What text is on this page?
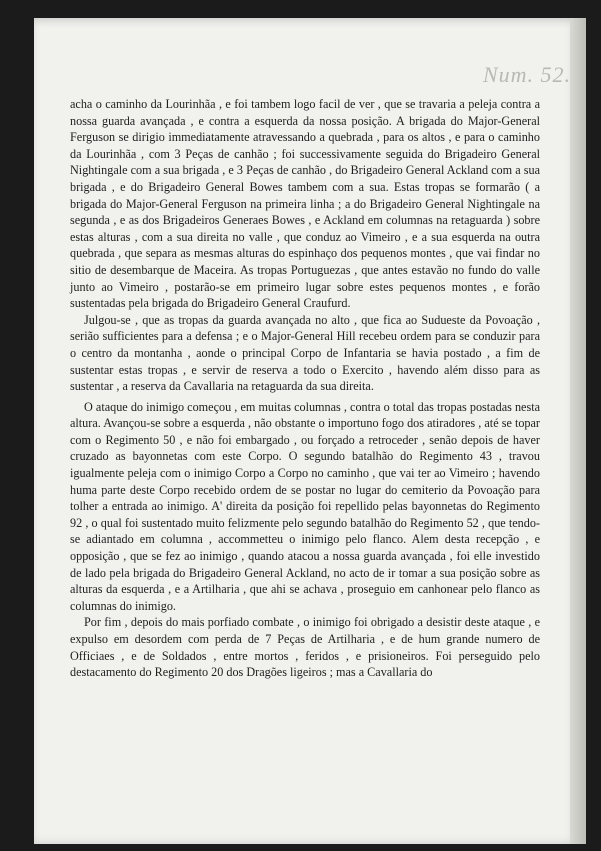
Num. 52.

acha o caminho da Lourinhãa , e foi tambem logo facil de ver , que se travaria a peleja contra a nossa guarda avançada , e contra a esquerda da nossa posição. A brigada do Major-General Ferguson se dirigio immediatamente atravessando a quebrada , para os altos , e para o caminho da Lourinhãa , com 3 Peças de canhão ; foi successivamente seguida do Brigadeiro General Nightingale com a sua brigada , e 3 Peças de canhão , do Brigadeiro General Ackland com a sua brigada , e do Brigadeiro General Bowes tambem com a sua. Estas tropas se formarão ( a brigada do Major-General Ferguson na primeira linha ; a do Brigadeiro General Nightingale na segunda , e as dos Brigadeiros Generaes Bowes , e Ackland em columnas na retaguarda ) sobre estas alturas , com a sua direita no valle , que conduz ao Vimeiro , e a sua esquerda na outra quebrada , que separa as mesmas alturas do espinhaço dos pequenos montes , que vai findar no sitio de desembarque de Maceira. As tropas Portuguezas , que antes estavão no fundo do valle junto ao Vimeiro , postarão-se em primeiro lugar sobre estes pequenos montes , e forão sustentadas pela brigada do Brigadeiro General Craufurd.

Julgou-se , que as tropas da guarda avançada no alto , que fica ao Sudueste da Povoação , serião sufficientes para a defensa ; e o Major-General Hill recebeu ordem para se conduzir para o centro da montanha , aonde o principal Corpo de Infantaria se havia postado , a fim de sustentar estas tropas , e servir de reserva a todo o Exercito , havendo além disso para as sustentar , a reserva da Cavallaria na retaguarda da sua direita.

O ataque do inimigo começou , em muitas columnas , contra o total das tropas postadas nesta altura. Avançou-se sobre a esquerda , não obstante o importuno fogo dos atiradores , até se topar com o Regimento 50 , e não foi embargado , ou forçado a retroceder , senão depois de haver cruzado as bayonnetas com este Corpo. O segundo batalhão do Regimento 43 , travou igualmente peleja com o inimigo Corpo a Corpo no caminho , que vai ter ao Vimeiro ; havendo huma parte deste Corpo recebido ordem de se postar no lugar do cemiterio da Povoação para tolher a entrada ao inimigo. A' direita da posição foi repellido pelas bayonnetas do Regimento 92 , o qual foi sustentado muito felizmente pelo segundo batalhão do Regimento 52 , que tendo-se adiantado em columna , accommetteu o inimigo pelo flanco. Alem desta recepção , e opposição , que se fez ao inimigo , quando atacou a nossa guarda avançada , foi elle investido de lado pela brigada do Brigadeiro General Ackland, no acto de ir tomar a sua posição sobre as alturas da esquerda , e a Artilharia , que ahi se achava , proseguio em canhonear pelo flanco as columnas do inimigo.

Por fim , depois do mais porfiado combate , o inimigo foi obrigado a desistir deste ataque , e expulso em desordem com perda de 7 Peças de Artilharia , e de hum grande numero de Officiaes , e de Soldados , entre mortos , feridos , e prisioneiros. Foi perseguido pelo destacamento do Regimento 20 dos Dragões ligeiros ; mas a Cavallaria do
